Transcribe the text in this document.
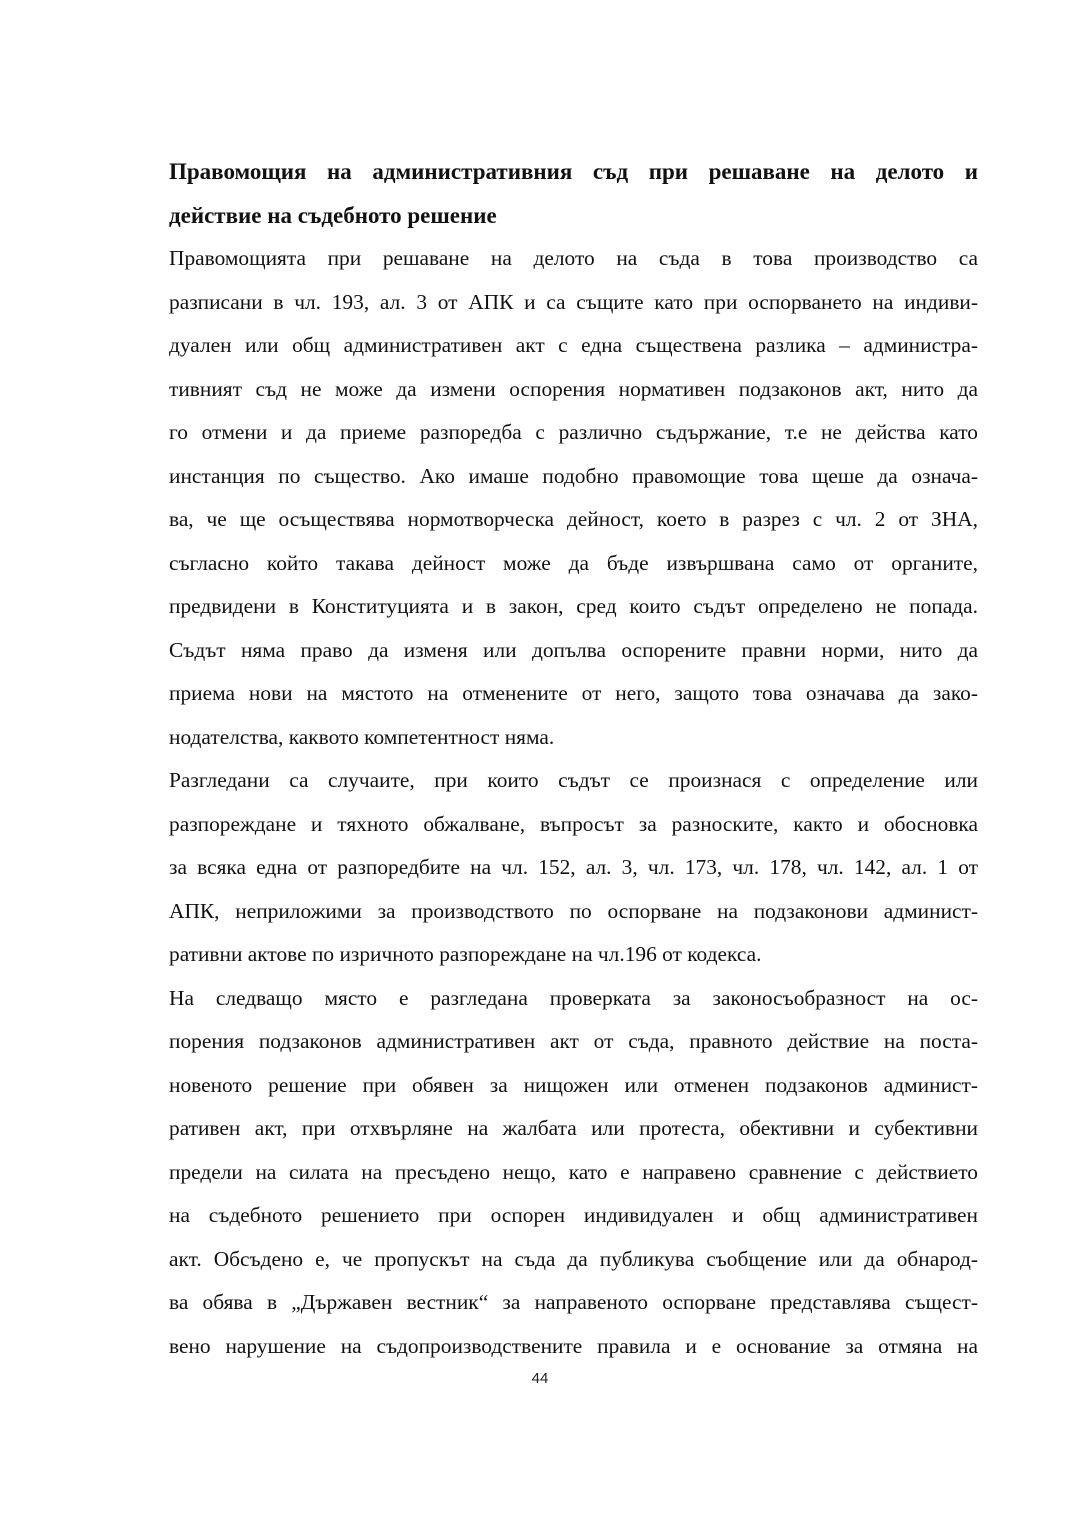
Правомощия на административния съд при решаване на делото и
действие на съдебното решение
Правомощията при решаване на делото на съда в това производство са
разписани в чл. 193, ал. 3 от АПК и са същите като при оспорването на индиви-
дуален или общ административен акт с една съществена разлика – администра-
тивният съд не може да измени оспорения нормативен подзаконов акт, нито да
го отмени и да приеме разпоредба с различно съдържание, т.е не действа като
инстанция по същество. Ако имаше подобно правомощие това щеше да означа-
ва, че ще осъществява нормотворческа дейност, което в разрез с чл. 2 от ЗНА,
съгласно който такава дейност може да бъде извършвана само от органите,
предвидени в Конституцията и в закон, сред които съдът определено не попада.
Съдът няма право да изменя или допълва оспорените правни норми, нито да
приема нови на мястото на отменените от него, защото това означава да зако-
нодателства, каквото компетентност няма.
Разгледани са случаите, при които съдът се произнася с определение или
разпореждане и тяхното обжалване, въпросът за разноските, както и обосновка
за всяка една от разпоредбите на чл. 152, ал. 3, чл. 173, чл. 178, чл. 142, ал. 1 от
АПК, неприложими за производството по оспорване на подзаконови админист-
ративни актове по изричното разпореждане на чл.196 от кодекса.
На следващо място е разгледана проверката за законосъобразност на ос-
порения подзаконов административен акт от съда, правното действие на поста-
новеното решение при обявен за нищожен или отменен подзаконов админист-
ративен акт, при отхвърляне на жалбата или протеста, обективни и субективни
предели на силата на пресъдено нещо, като е направено сравнение с действието
на съдебното решението при оспорен индивидуален и общ административен
акт. Обсъдено е, че пропускът на съда да публикува съобщение или да обнарод-
ва обява в „Държавен вестник“ за направеното оспорване представлява същест-
вено нарушение на съдопроизводствените правила и е основание за отмяна на
44
